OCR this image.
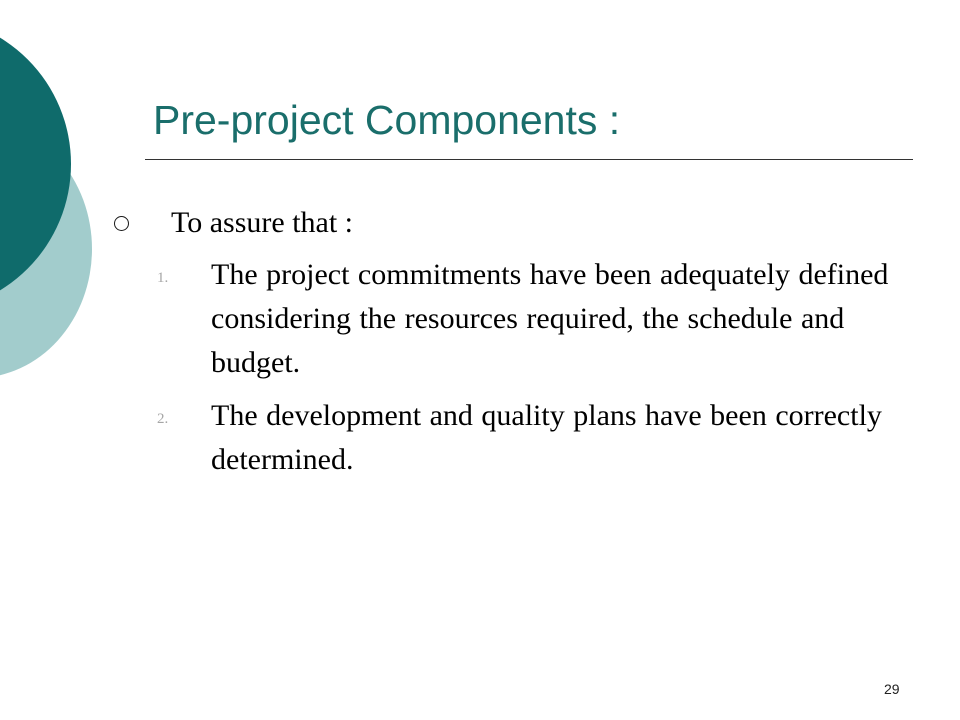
Pre-project Components :

To assure that :

1.	The project commitments have been adequately defined considering the resources required, the schedule and budget.
2.	The development and quality plans have been correctly determined.
29
